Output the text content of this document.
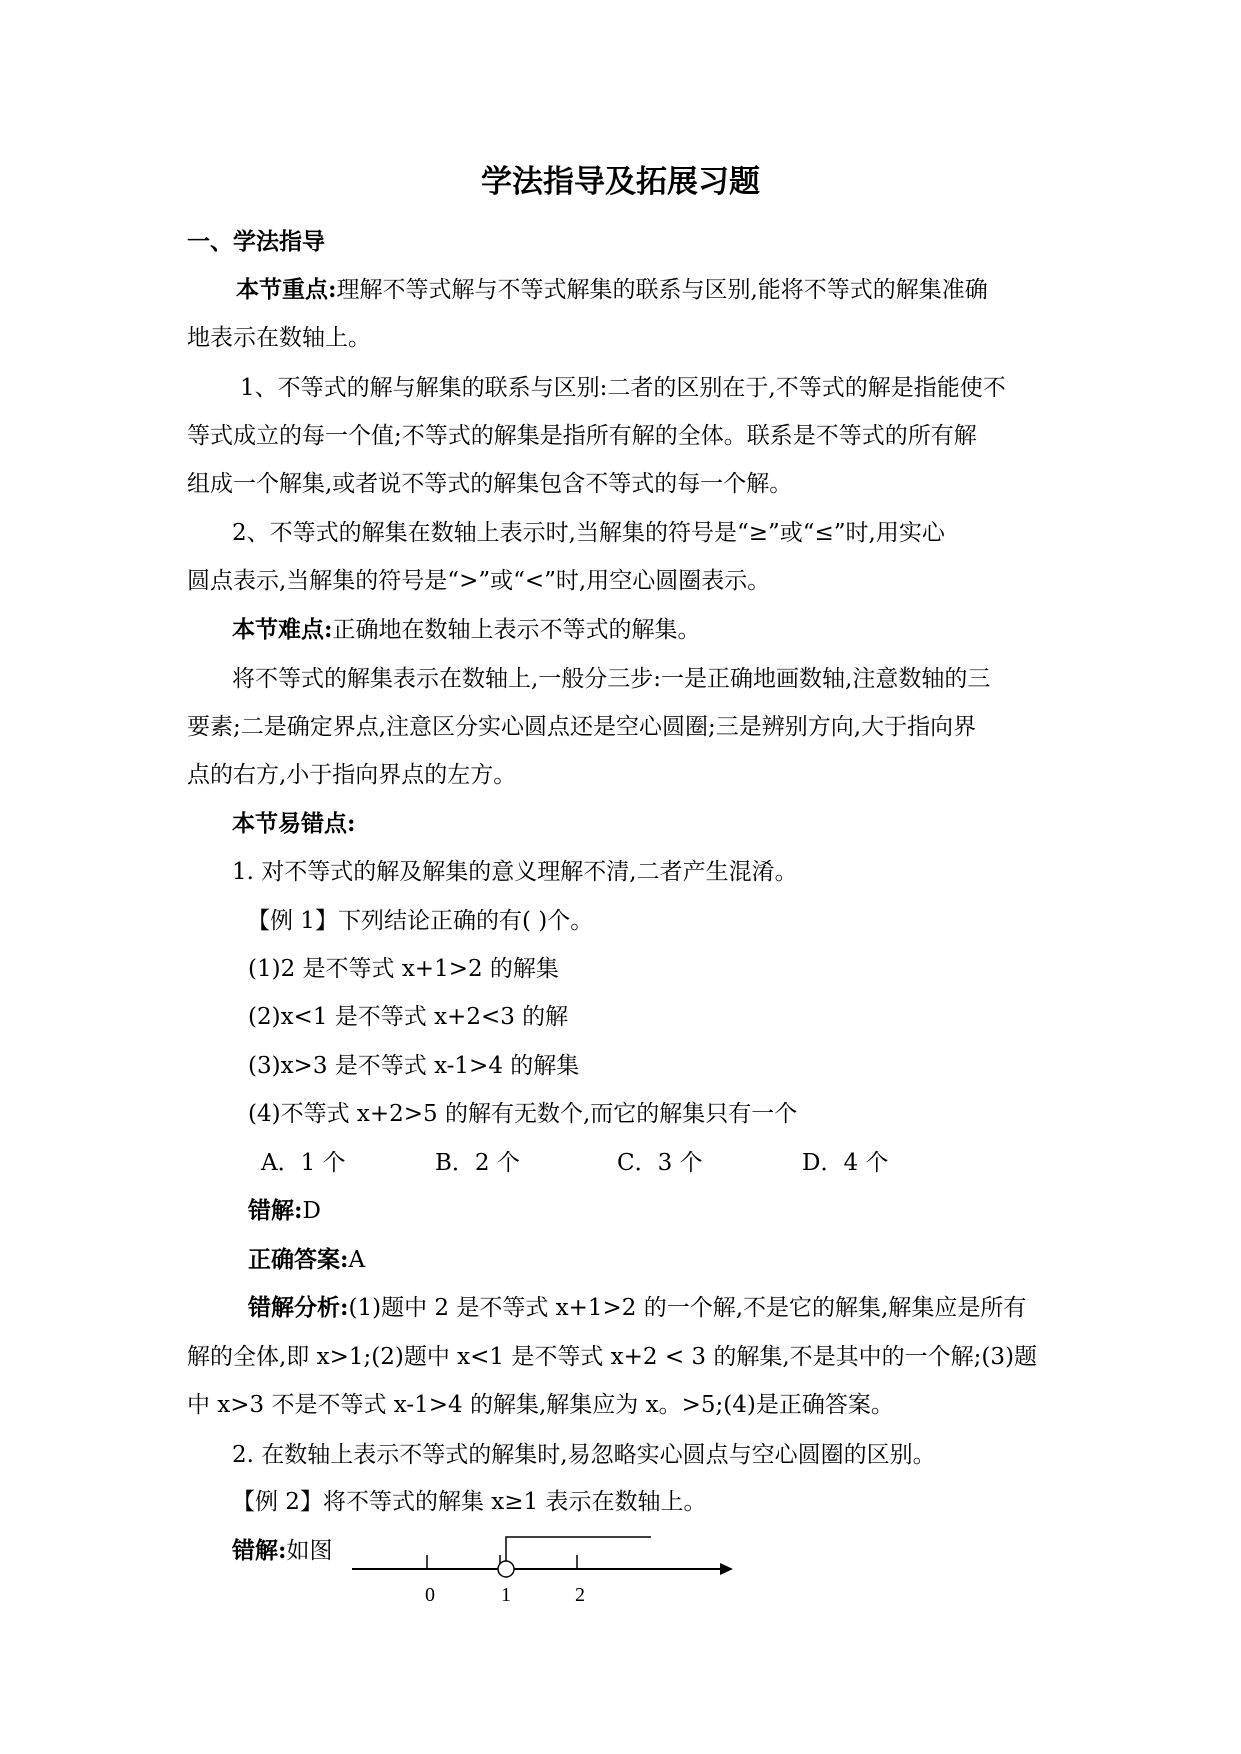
学法指导及拓展习题
一、学法指导
本节重点:理解不等式解与不等式解集的联系与区别,能将不等式的解集准确
地表示在数轴上。
1、不等式的解与解集的联系与区别:二者的区别在于,不等式的解是指能使不
等式成立的每一个值;不等式的解集是指所有解的全体。联系是不等式的所有解
组成一个解集,或者说不等式的解集包含不等式的每一个解。
2、不等式的解集在数轴上表示时,当解集的符号是“≥”或“≤”时,用实心
圆点表示,当解集的符号是“>”或“<”时,用空心圆圈表示。
本节难点:正确地在数轴上表示不等式的解集。
将不等式的解集表示在数轴上,一般分三步:一是正确地画数轴,注意数轴的三
要素;二是确定界点,注意区分实心圆点还是空心圆圈;三是辨别方向,大于指向界
点的右方,小于指向界点的左方。
本节易错点:
1. 对不等式的解及解集的意义理解不清,二者产生混淆。
【例 1】下列结论正确的有( )个。
(1)2 是不等式 x+1>2 的解集
(2)x<1 是不等式 x+2<3 的解
(3)x>3 是不等式 x-1>4 的解集
(4)不等式 x+2>5 的解有无数个,而它的解集只有一个
A．1 个	B．2 个	C．3 个	D．4 个
错解:D
正确答案:A
错解分析:(1)题中 2 是不等式 x+1>2 的一个解,不是它的解集,解集应是所有
解的全体,即 x>1;(2)题中 x<1 是不等式 x+2 < 3 的解集,不是其中的一个解;(3)题
中 x>3 不是不等式 x-1>4 的解集,解集应为 x。>5;(4)是正确答案。
2. 在数轴上表示不等式的解集时,易忽略实心圆点与空心圆圈的区别。
【例 2】将不等式的解集 x≥1 表示在数轴上。
错解:如图
0	1	2
